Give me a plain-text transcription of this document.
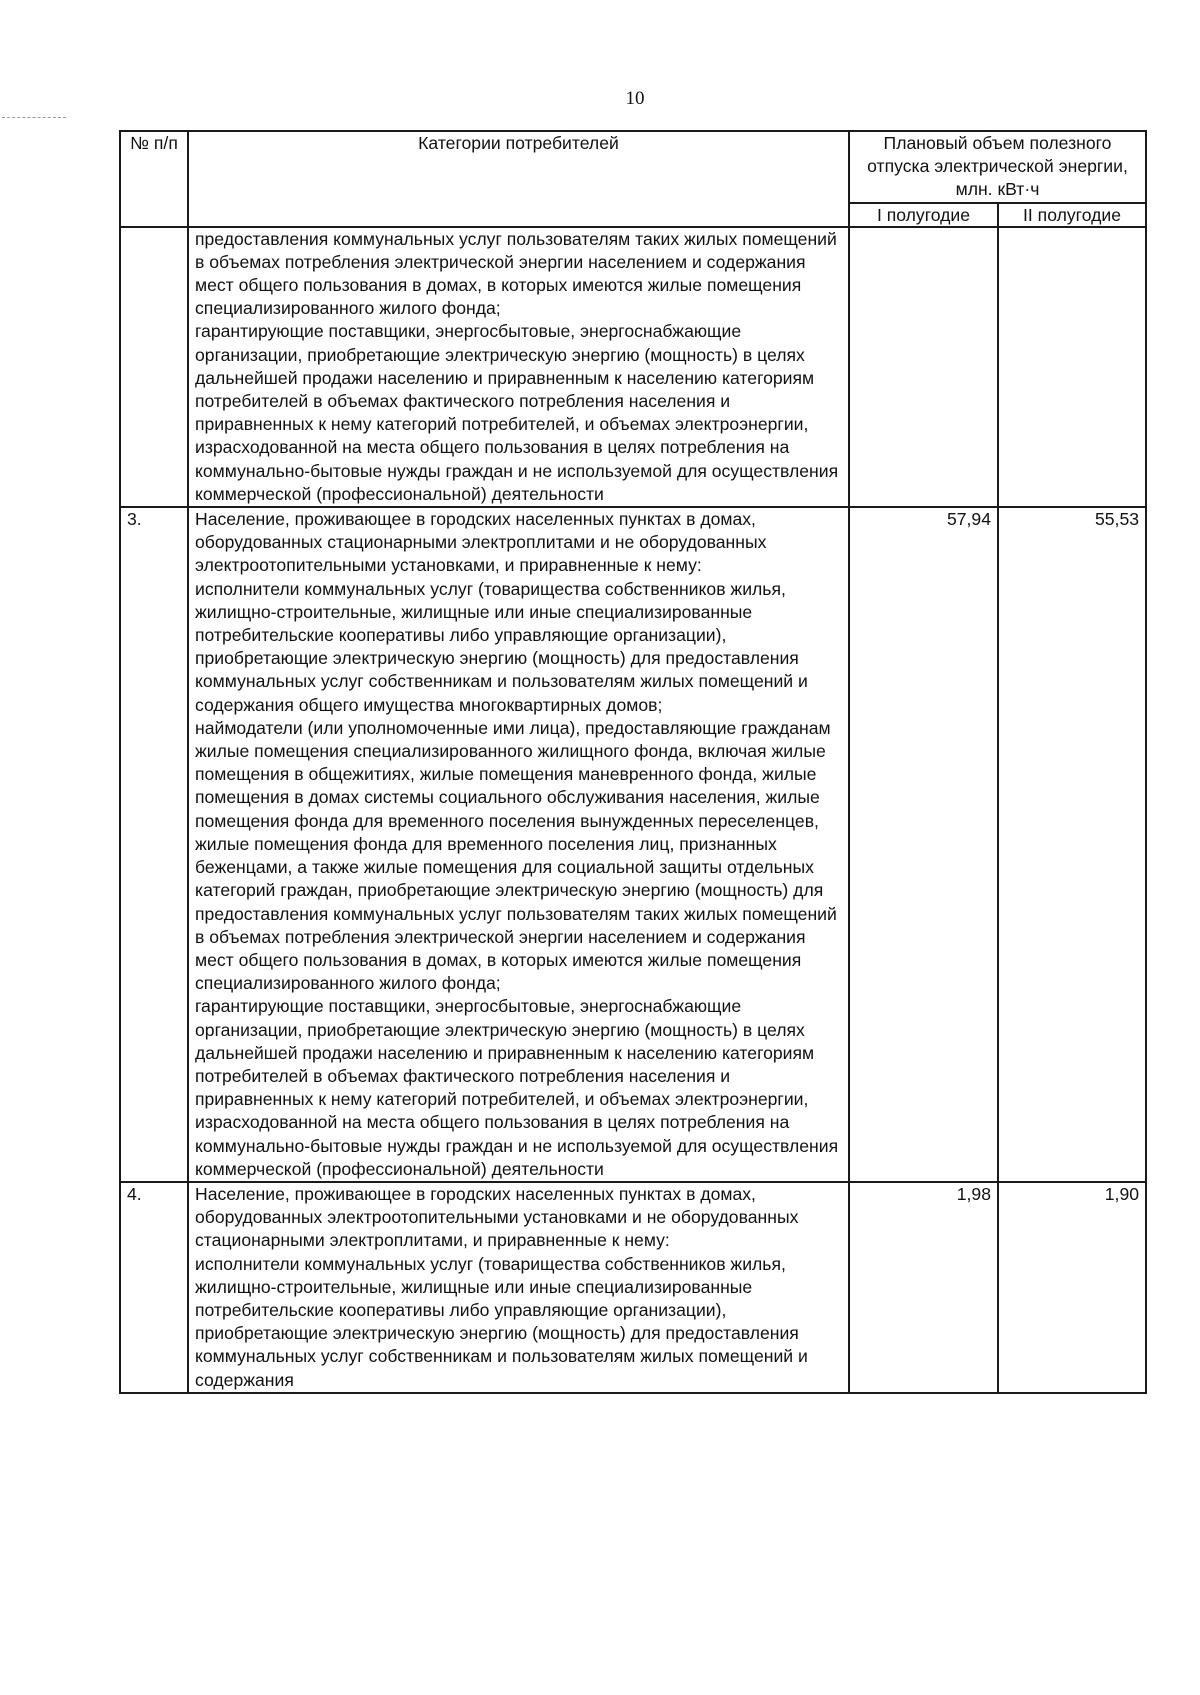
10
№ п/п	Категории потребителей	Плановый объем полезного отпуска электрической энергии, млн. кВт·ч	
		I полугодие	II полугодие

	предоставления коммунальных услуг пользователям таких жилых помещений в объемах потребления электрической энергии населением и содержания мест общего пользования в домах, в которых имеются жилые помещения специализированного жилого фонда;
гарантирующие поставщики, энергосбытовые, энергоснабжающие организации, приобретающие электрическую энергию (мощность) в целях дальнейшей продажи населению и приравненным к населению категориям потребителей в объемах фактического потребления населения и приравненных к нему категорий потребителей, и объемах электроэнергии, израсходованной на места общего пользования в целях потребления на коммунально-бытовые нужды граждан и не используемой для осуществления коммерческой (профессиональной) деятельности		

3.	Население, проживающее в городских населенных пунктах в домах, оборудованных стационарными электроплитами и не оборудованных электроотопительными установками, и приравненные к нему:
исполнители коммунальных услуг (товарищества собственников жилья, жилищно-строительные, жилищные или иные специализированные потребительские кооперативы либо управляющие организации), приобретающие электрическую энергию (мощность) для предоставления коммунальных услуг собственникам и пользователям жилых помещений и содержания общего имущества многоквартирных домов;
наймодатели (или уполномоченные ими лица), предоставляющие гражданам жилые помещения специализированного жилищного фонда, включая жилые помещения в общежитиях, жилые помещения маневренного фонда, жилые помещения в домах системы социального обслуживания населения, жилые помещения фонда для временного поселения вынужденных переселенцев, жилые помещения фонда для временного поселения лиц, признанных беженцами, а также жилые помещения для социальной защиты отдельных категорий граждан, приобретающие электрическую энергию (мощность) для предоставления коммунальных услуг пользователям таких жилых помещений в объемах потребления электрической энергии населением и содержания мест общего пользования в домах, в которых имеются жилые помещения специализированного жилого фонда;
гарантирующие поставщики, энергосбытовые, энергоснабжающие организации, приобретающие электрическую энергию (мощность) в целях дальнейшей продажи населению и приравненным к населению категориям потребителей в объемах фактического потребления населения и приравненных к нему категорий потребителей, и объемах электроэнергии, израсходованной на места общего пользования в целях потребления на коммунально-бытовые нужды граждан и не используемой для осуществления коммерческой (профессиональной) деятельности	57,94	55,53
4.	Население, проживающее в городских населенных пунктах в домах, оборудованных электроотопительными установками и не оборудованных стационарными электроплитами, и приравненные к нему:
исполнители коммунальных услуг (товарищества собственников жилья, жилищно-строительные, жилищные или иные специализированные потребительские кооперативы либо управляющие организации), приобретающие электрическую энергию (мощность) для предоставления коммунальных услуг собственникам и пользователям жилых помещений и содержания	1,98	1,90
